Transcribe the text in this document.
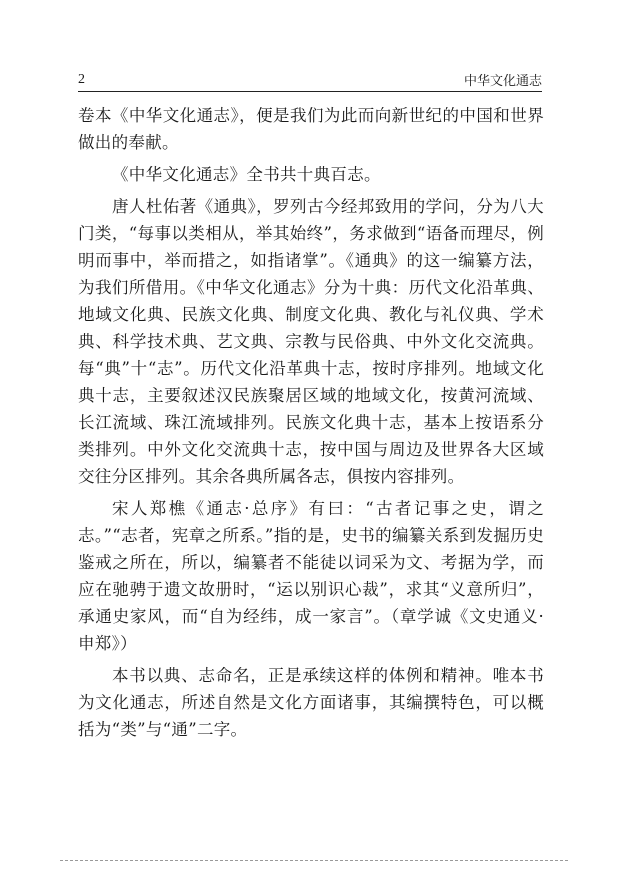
2	中华文化通志

卷本《中华文化通志》，便是我们为此而向新世纪的中国和世界做出的奉献。

《中华文化通志》全书共十典百志。

唐人杜佑著《通典》，罗列古今经邦致用的学问，分为八大门类，“每事以类相从，举其始终”，务求做到“语备而理尽，例明而事中，举而措之，如指诸掌”。《通典》的这一编纂方法，为我们所借用。《中华文化通志》分为十典：历代文化沿革典、地域文化典、民族文化典、制度文化典、教化与礼仪典、学术典、科学技术典、艺文典、宗教与民俗典、中外文化交流典。每“典”十“志”。历代文化沿革典十志，按时序排列。地域文化典十志，主要叙述汉民族聚居区域的地域文化，按黄河流域、长江流域、珠江流域排列。民族文化典十志，基本上按语系分类排列。中外文化交流典十志，按中国与周边及世界各大区域交往分区排列。其余各典所属各志，俱按内容排列。

宋人郑樵《通志·总序》有曰：“古者记事之史，谓之志。”“志者，宪章之所系。”指的是，史书的编纂关系到发掘历史鉴戒之所在，所以，编纂者不能徒以词采为文、考据为学，而应在驰骋于遗文故册时，“运以别识心裁”，求其“义意所归”，承通史家风，而“自为经纬，成一家言”。（章学诚《文史通义·申郑》）

本书以典、志命名，正是承续这样的体例和精神。唯本书为文化通志，所述自然是文化方面诸事，其编撰特色，可以概括为“类”与“通”二字。
